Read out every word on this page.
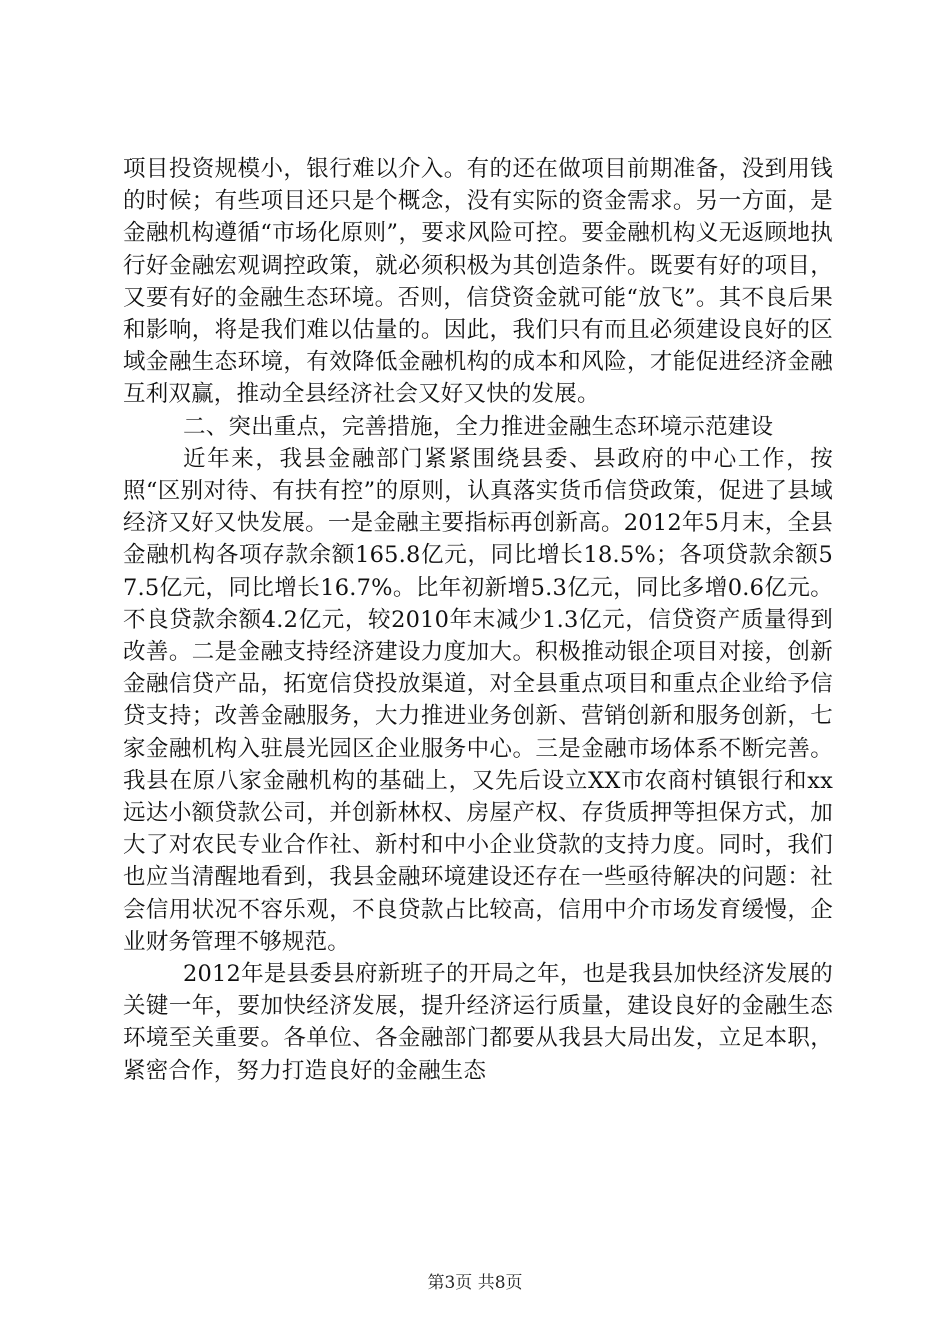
项目投资规模小，银行难以介入。有的还在做项目前期准备，没到用钱的时候；有些项目还只是个概念，没有实际的资金需求。另一方面，是金融机构遵循“市场化原则”，要求风险可控。要金融机构义无返顾地执行好金融宏观调控政策，就必须积极为其创造条件。既要有好的项目，又要有好的金融生态环境。否则，信贷资金就可能“放飞”。其不良后果和影响，将是我们难以估量的。因此，我们只有而且必须建设良好的区域金融生态环境，有效降低金融机构的成本和风险，才能促进经济金融互利双赢，推动全县经济社会又好又快的发展。

二、突出重点，完善措施，全力推进金融生态环境示范建设

近年来，我县金融部门紧紧围绕县委、县政府的中心工作，按照“区别对待、有扶有控”的原则，认真落实货币信贷政策，促进了县域经济又好又快发展。一是金融主要指标再创新高。2012年5月末，全县金融机构各项存款余额165.8亿元，同比增长18.5%；各项贷款余额57.5亿元，同比增长16.7%。比年初新增5.3亿元，同比多增0.6亿元。不良贷款余额4.2亿元，较2010年末减少1.3亿元，信贷资产质量得到改善。二是金融支持经济建设力度加大。积极推动银企项目对接，创新金融信贷产品，拓宽信贷投放渠道，对全县重点项目和重点企业给予信贷支持；改善金融服务，大力推进业务创新、营销创新和服务创新，七家金融机构入驻晨光园区企业服务中心。三是金融市场体系不断完善。我县在原八家金融机构的基础上，又先后设立XX市农商村镇银行和xx远达小额贷款公司，并创新林权、房屋产权、存货质押等担保方式，加大了对农民专业合作社、新村和中小企业贷款的支持力度。同时，我们也应当清醒地看到，我县金融环境建设还存在一些亟待解决的问题：社会信用状况不容乐观，不良贷款占比较高，信用中介市场发育缓慢，企业财务管理不够规范。

2012年是县委县府新班子的开局之年，也是我县加快经济发展的关键一年，要加快经济发展，提升经济运行质量，建设良好的金融生态环境至关重要。各单位、各金融部门都要从我县大局出发，立足本职，紧密合作，努力打造良好的金融生态

第3页 共8页
